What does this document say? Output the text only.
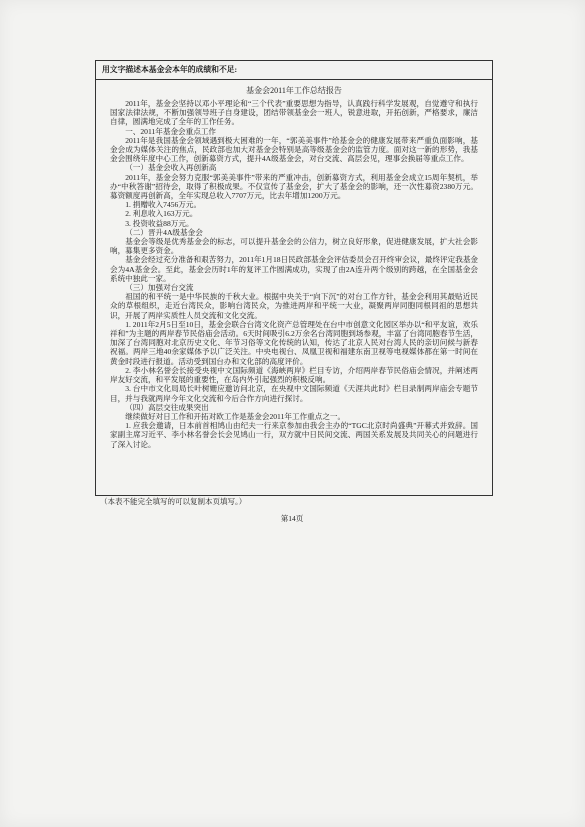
用文字描述本基金会本年的成绩和不足:
基金会2011年工作总结报告

2011年，基金会坚持以邓小平理论和“三个代表”重要思想为指导，认真践行科学发展观，自觉遵守和执行国家法律法规，不断加强领导班子自身建设，团结带领基金会一班人，锐意进取，开拓创新，严格要求，廉洁自律，圆满地完成了全年的工作任务。

一、2011年基金会重点工作

2011年是我国基金会领域遇到极大困难的一年，“郭美美事件”给基金会的健康发展带来严重负面影响，基金会成为媒体关注的焦点，民政部也加大对基金会特别是高等级基金会的监管力度。面对这一新的形势，我基金会围绕年度中心工作，创新募资方式，提升4A级基金会，对台交流、高层会见，理事会换届等重点工作。

（一）基金会收入再创新高

2011年，基金会努力克服“郭美美事件”带来的严重冲击，创新募资方式，利用基金会成立15周年契机，举办“中秋答谢”招待会，取得了积极成果。不仅宣传了基金会，扩大了基金会的影响，还一次性募资2380万元。募资额度再创新高，全年实现总收入7707万元，比去年增加1200万元。

1. 捐赠收入7456万元。

2. 利息收入163万元。

3. 投资收益88万元。

（二）晋升4A级基金会

基金会等级是优秀基金会的标志，可以提升基金会的公信力，树立良好形象，促进健康发展，扩大社会影响，募集更多资金。

基金会经过充分准备和艰苦努力，2011年1月18日民政部基金会评估委员会召开终审会议，最终评定我基金会为4A基金会。至此，基金会历时1年的复评工作圆满成功，实现了由2A连升两个级别的跨越，在全国基金会系统中独此一家。

（三）加强对台交流

祖国的和平统一是中华民族的千秋大业。根据中央关于“向下沉”的对台工作方针，基金会利用其最贴近民众的草根组织，走近台湾民众，影响台湾民众，为推进两岸和平统一大业，凝聚两岸同胞同根同祖的思想共识，开展了两岸实质性人员交流和文化交流。

1. 2011年2月5日至10日，基金会联合台湾文化资产总管理处在台中市创意文化园区举办以“和平友谊，欢乐祥和”为主题的两岸春节民俗庙会活动。6天时间吸引6.2万余名台湾同胞到场参观，丰富了台湾同胞春节生活，加深了台湾同胞对北京历史文化、年节习俗等文化传统的认知，传达了北京人民对台湾人民的亲切问候与新春祝福。两岸三地40余家媒体予以广泛关注。中央电视台、凤凰卫视和福建东南卫视等电视媒体都在第一时间在黄金时段进行报道。活动受到国台办和文化部的高度评价。

2. 李小林名誉会长接受央视中文国际频道《海峡两岸》栏目专访，介绍两岸春节民俗庙会情况，并阐述两岸友好交流，和平发展的重要性，在岛内外引起强烈的积极反响。

3. 台中市文化局局长叶树姗应邀访问北京，在央视中文国际频道《天涯共此时》栏目录制两岸庙会专题节目，并与我就两岸今年文化交流和今后合作方向进行探讨。

（四）高层交往成果突出

继续做好对日工作和开拓对欧工作是基金会2011年工作重点之一。

1. 应我会邀请，日本前首相鸠山由纪夫一行来京参加由我会主办的“TGC北京时尚盛典”开幕式并致辞。国家副主席习近平、李小林名誉会长会见鸠山一行，双方就中日民间交流、两国关系发展及共同关心的问题进行了深入讨论。

（本表不能完全填写的可以复制本页填写。）
第14页
